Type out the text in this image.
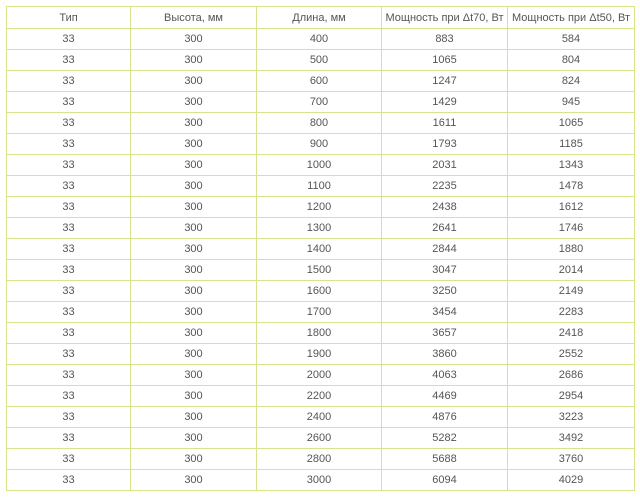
Тип	Высота, мм	Длина, мм	Мощность при Δt70, Вт	Мощность при Δt50, Вт
33	300	400	883	584
33	300	500	1065	804
33	300	600	1247	824
33	300	700	1429	945
33	300	800	1611	1065
33	300	900	1793	1185
33	300	1000	2031	1343
33	300	1100	2235	1478
33	300	1200	2438	1612
33	300	1300	2641	1746
33	300	1400	2844	1880
33	300	1500	3047	2014
33	300	1600	3250	2149
33	300	1700	3454	2283
33	300	1800	3657	2418
33	300	1900	3860	2552
33	300	2000	4063	2686
33	300	2200	4469	2954
33	300	2400	4876	3223
33	300	2600	5282	3492
33	300	2800	5688	3760
33	300	3000	6094	4029
